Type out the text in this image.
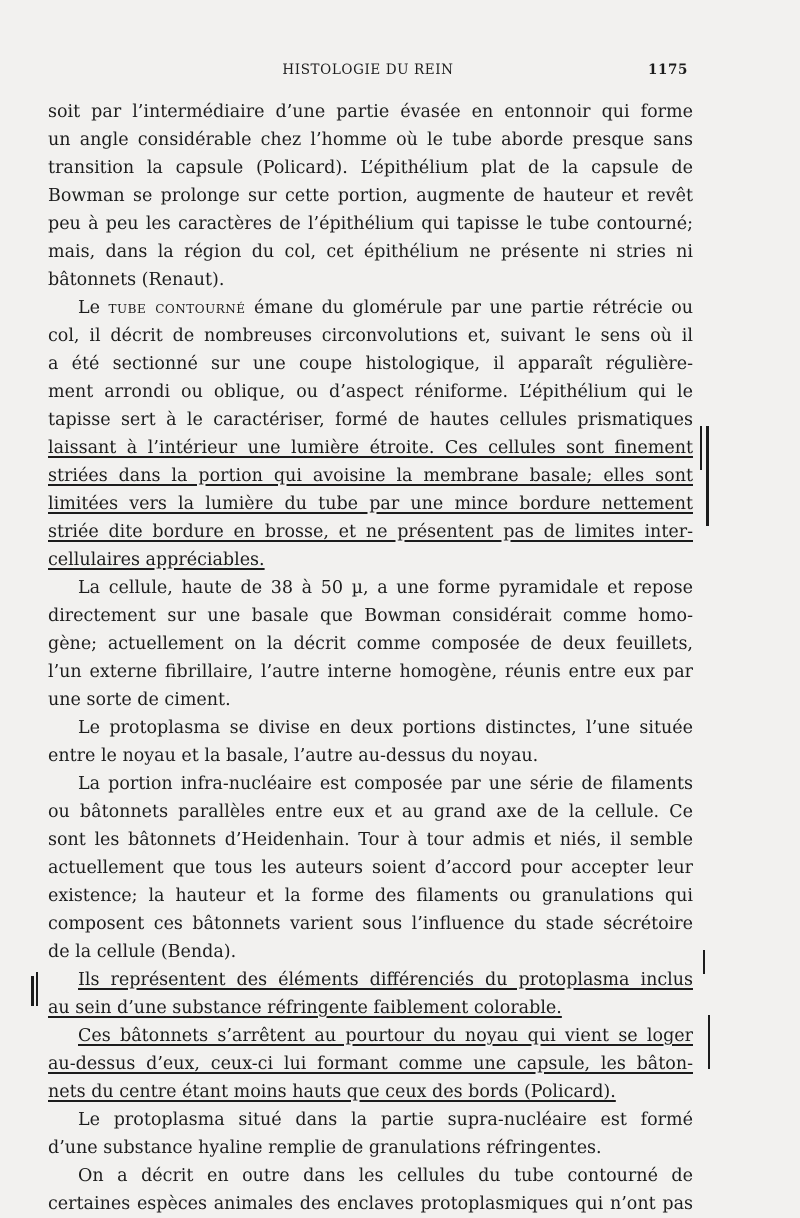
HISTOLOGIE DU REIN	1175
soit par l’intermédiaire d’une partie évasée en entonnoir qui forme
un angle considérable chez l’homme où le tube aborde presque sans
transition la capsule (Policard). L’épithélium plat de la capsule de
Bowman se prolonge sur cette portion, augmente de hauteur et revêt
peu à peu les caractères de l’épithélium qui tapisse le tube contourné;
mais, dans la région du col, cet épithélium ne présente ni stries ni
bâtonnets (Renaut).
Le tube contourné émane du glomérule par une partie rétrécie ou
col, il décrit de nombreuses circonvolutions et, suivant le sens où il
a été sectionné sur une coupe histologique, il apparaît régulière-
ment arrondi ou oblique, ou d’aspect réniforme. L’épithélium qui le
tapisse sert à le caractériser, formé de hautes cellules prismatiques
laissant à l’intérieur une lumière étroite. Ces cellules sont finement
striées dans la portion qui avoisine la membrane basale; elles sont
limitées vers la lumière du tube par une mince bordure nettement
striée dite bordure en brosse, et ne présentent pas de limites inter-
cellulaires appréciables.
La cellule, haute de 38 à 50 µ, a une forme pyramidale et repose
directement sur une basale que Bowman considérait comme homo-
gène; actuellement on la décrit comme composée de deux feuillets,
l’un externe fibrillaire, l’autre interne homogène, réunis entre eux par
une sorte de ciment.
Le protoplasma se divise en deux portions distinctes, l’une située
entre le noyau et la basale, l’autre au-dessus du noyau.
La portion infra-nucléaire est composée par une série de filaments
ou bâtonnets parallèles entre eux et au grand axe de la cellule. Ce
sont les bâtonnets d’Heidenhain. Tour à tour admis et niés, il semble
actuellement que tous les auteurs soient d’accord pour accepter leur
existence; la hauteur et la forme des filaments ou granulations qui
composent ces bâtonnets varient sous l’influence du stade sécrétoire
de la cellule (Benda).
Ils représentent des éléments différenciés du protoplasma inclus
au sein d’une substance réfringente faiblement colorable.
Ces bâtonnets s’arrêtent au pourtour du noyau qui vient se loger
au-dessus d’eux, ceux-ci lui formant comme une capsule, les bâton-
nets du centre étant moins hauts que ceux des bords (Policard).
Le protoplasma situé dans la partie supra-nucléaire est formé
d’une substance hyaline remplie de granulations réfringentes.
On a décrit en outre dans les cellules du tube contourné de
certaines espèces animales des enclaves protoplasmiques qui n’ont pas
